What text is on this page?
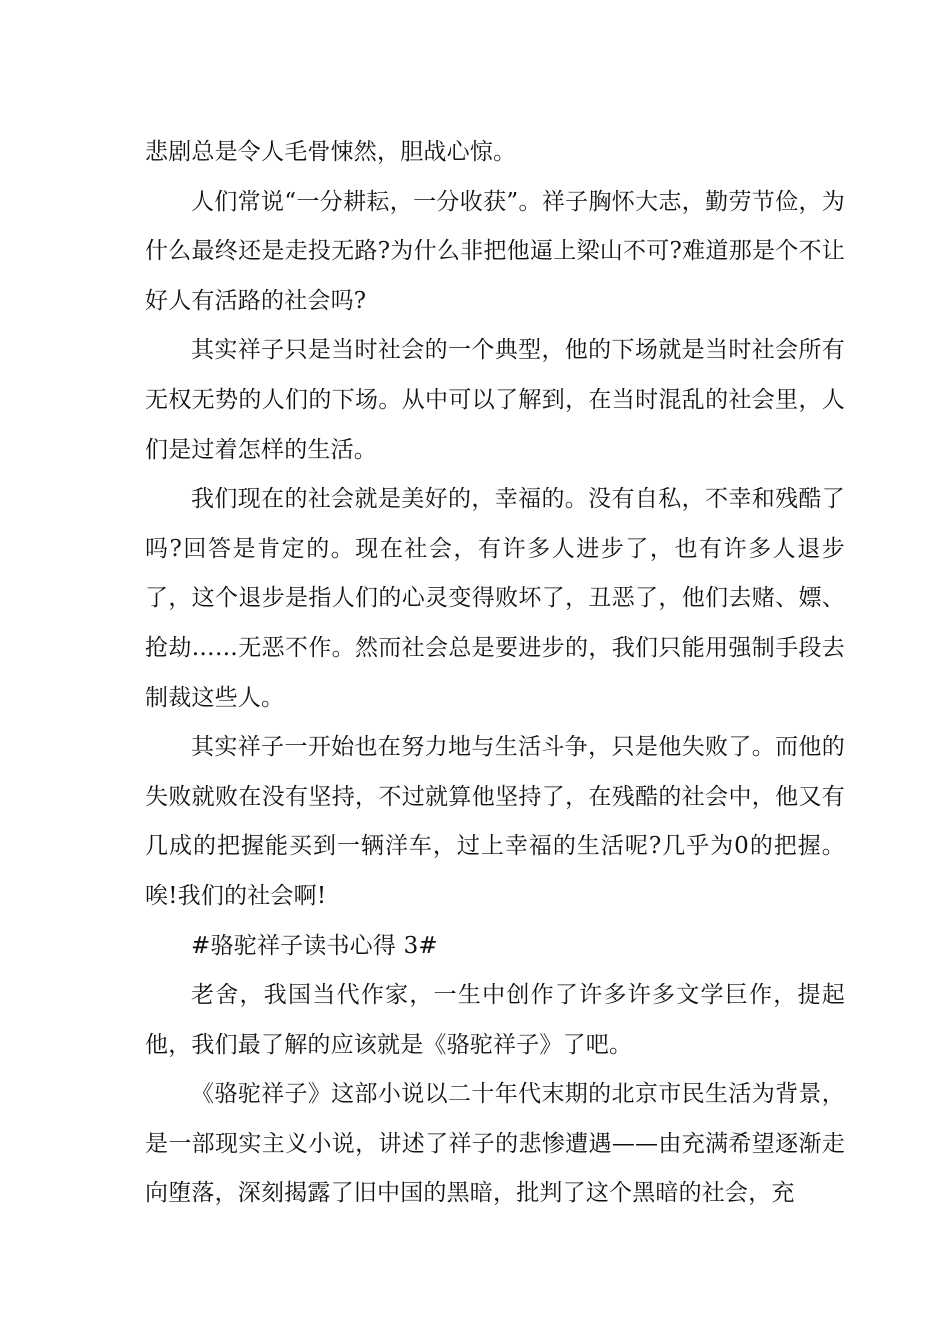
悲剧总是令人毛骨悚然，胆战心惊。

人们常说“一分耕耘，一分收获”。祥子胸怀大志，勤劳节俭，为什么最终还是走投无路?为什么非把他逼上梁山不可?难道那是个不让好人有活路的社会吗?

其实祥子只是当时社会的一个典型，他的下场就是当时社会所有无权无势的人们的下场。从中可以了解到，在当时混乱的社会里，人们是过着怎样的生活。

我们现在的社会就是美好的，幸福的。没有自私，不幸和残酷了吗?回答是肯定的。现在社会，有许多人进步了，也有许多人退步了，这个退步是指人们的心灵变得败坏了，丑恶了，他们去赌、嫖、抢劫……无恶不作。然而社会总是要进步的，我们只能用强制手段去制裁这些人。

其实祥子一开始也在努力地与生活斗争，只是他失败了。而他的失败就败在没有坚持，不过就算他坚持了，在残酷的社会中，他又有几成的把握能买到一辆洋车，过上幸福的生活呢?几乎为0的把握。唉!我们的社会啊!

#骆驼祥子读书心得 3#

老舍，我国当代作家，一生中创作了许多许多文学巨作，提起他，我们最了解的应该就是《骆驼祥子》了吧。

《骆驼祥子》这部小说以二十年代末期的北京市民生活为背景，是一部现实主义小说，讲述了祥子的悲惨遭遇——由充满希望逐渐走向堕落，深刻揭露了旧中国的黑暗，批判了这个黑暗的社会，充
